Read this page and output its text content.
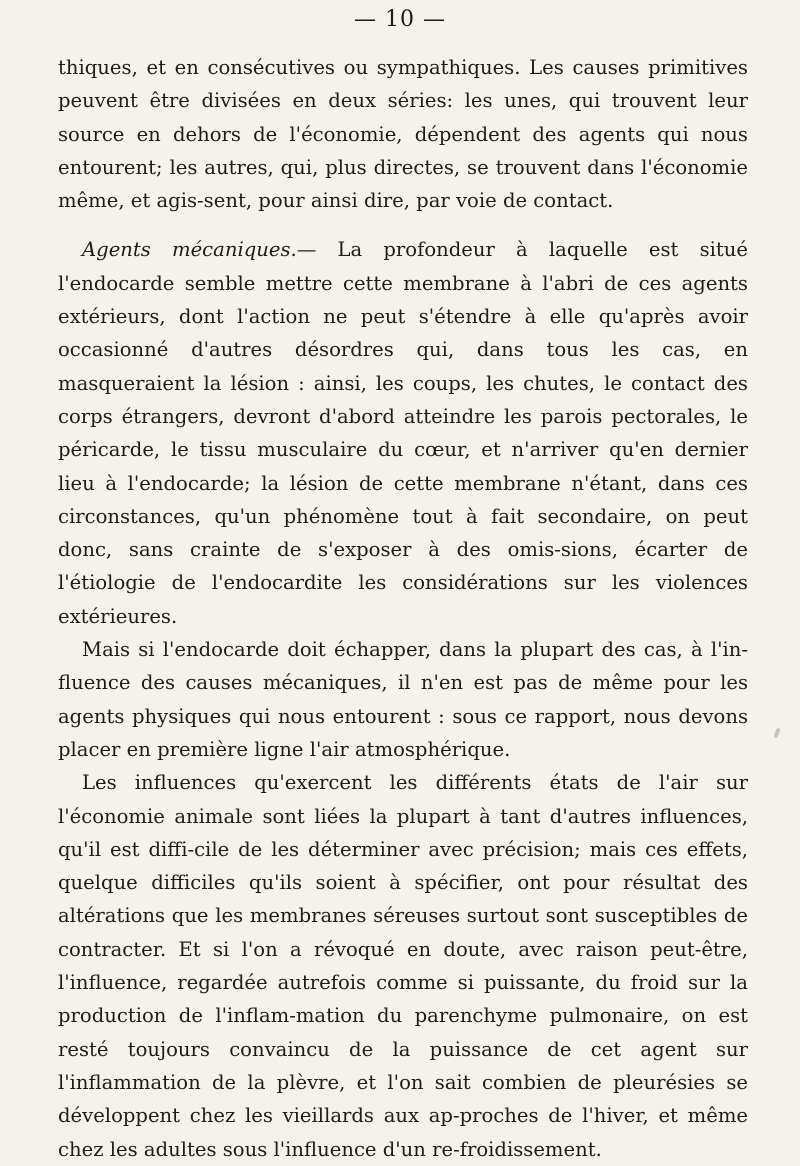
— 10 —

thiques, et en consécutives ou sympathiques. Les causes primitives peuvent être divisées en deux séries: les unes, qui trouvent leur source en dehors de l'économie, dépendent des agents qui nous entourent; les autres, qui, plus directes, se trouvent dans l'économie même, et agis-sent, pour ainsi dire, par voie de contact.

Agents mécaniques.— La profondeur à laquelle est situé l'endocarde semble mettre cette membrane à l'abri de ces agents extérieurs, dont l'action ne peut s'étendre à elle qu'après avoir occasionné d'autres désordres qui, dans tous les cas, en masqueraient la lésion : ainsi, les coups, les chutes, le contact des corps étrangers, devront d'abord atteindre les parois pectorales, le péricarde, le tissu musculaire du cœur, et n'arriver qu'en dernier lieu à l'endocarde; la lésion de cette membrane n'étant, dans ces circonstances, qu'un phénomène tout à fait secondaire, on peut donc, sans crainte de s'exposer à des omis-sions, écarter de l'étiologie de l'endocardite les considérations sur les violences extérieures.

Mais si l'endocarde doit échapper, dans la plupart des cas, à l'in-fluence des causes mécaniques, il n'en est pas de même pour les agents physiques qui nous entourent : sous ce rapport, nous devons placer en première ligne l'air atmosphérique.

Les influences qu'exercent les différents états de l'air sur l'économie animale sont liées la plupart à tant d'autres influences, qu'il est diffi-cile de les déterminer avec précision; mais ces effets, quelque difficiles qu'ils soient à spécifier, ont pour résultat des altérations que les membranes séreuses surtout sont susceptibles de contracter. Et si l'on a révoqué en doute, avec raison peut-être, l'influence, regardée autrefois comme si puissante, du froid sur la production de l'inflam-mation du parenchyme pulmonaire, on est resté toujours convaincu de la puissance de cet agent sur l'inflammation de la plèvre, et l'on sait combien de pleurésies se développent chez les vieillards aux ap-proches de l'hiver, et même chez les adultes sous l'influence d'un re-froidissement.
